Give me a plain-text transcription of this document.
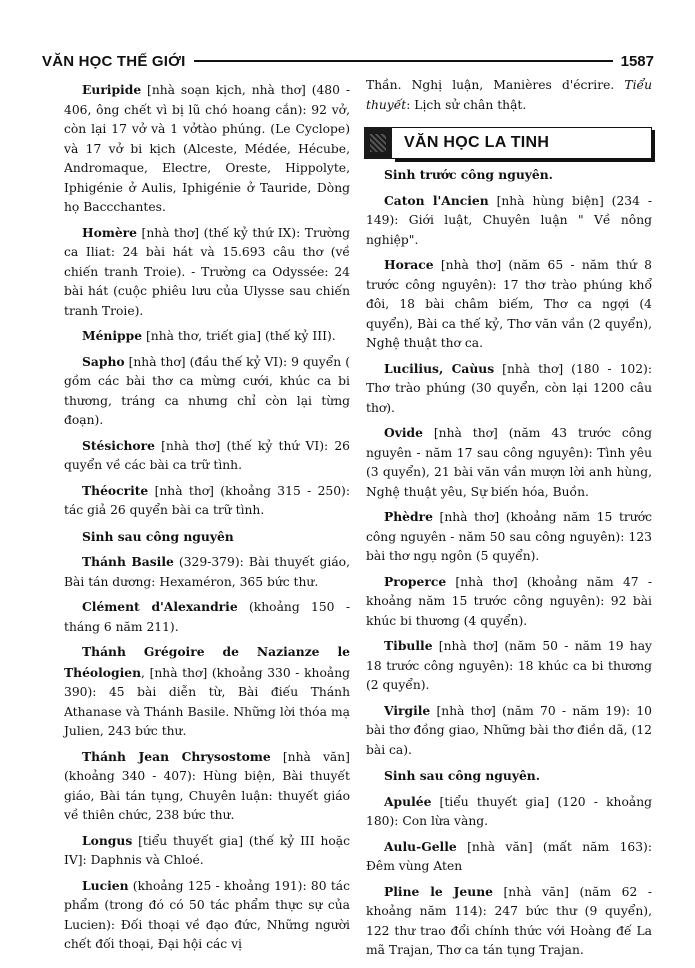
VĂN HỌC THẾ GIỚI	1587

Euripide [nhà soạn kịch, nhà thơ] (480 - 406, ông chết vì bị lũ chó hoang cắn): 92 vở, còn lại 17 vở và 1 vởtào phúng. (Le Cyclope) và 17 vở bi kịch (Alceste, Médée, Hécube, Andromaque, Electre, Oreste, Hippolyte, Iphigénie ở Aulis, Iphigénie ở Tauride, Dòng họ Baccchantes.

Homère [nhà thơ] (thế kỷ thứ IX): Trường ca Iliat: 24 bài hát và 15.693 câu thơ (về chiến tranh Troie). - Trường ca Odyssée: 24 bài hát (cuộc phiêu lưu của Ulysse sau chiến tranh Troie).

Ménippe [nhà thơ, triết gia] (thế kỷ III).

Sapho [nhà thơ] (đầu thế kỷ VI): 9 quyển ( gồm các bài thơ ca mừng cưới, khúc ca bi thương, tráng ca nhưng chỉ còn lại từng đoạn).

Stésichore [nhà thơ] (thế kỷ thứ VI): 26 quyển về các bài ca trữ tình.

Théocrite [nhà thơ] (khoảng 315 - 250): tác giả 26 quyển bài ca trữ tình.

Sinh sau công nguyên

Thánh Basile (329-379): Bài thuyết giáo, Bài tán dương: Hexaméron, 365 bức thư.

Clément d'Alexandrie (khoảng 150 - tháng 6 năm 211).

Thánh Grégoire de Nazianze le Théologien, [nhà thơ] (khoảng 330 - khoảng 390): 45 bài diễn từ, Bài điếu Thánh Athanase và Thánh Basile. Những lời thóa mạ Julien, 243 bức thư.

Thánh Jean Chrysostome [nhà văn] (khoảng 340 - 407): Hùng biện, Bài thuyết giáo, Bài tán tụng, Chuyên luận: thuyết giáo về thiên chức, 238 bức thư.

Longus [tiểu thuyết gia] (thế kỷ III hoặc IV]: Daphnis và Chloé.

Lucien (khoảng 125 - khoảng 191): 80 tác phẩm (trong đó có 50 tác phẩm thực sự của Lucien): Đối thoại về đạo đức, Những người chết đối thoại, Đại hội các vị

Thần. Nghị luận, Manières d'écrire. Tiểu thuyết: Lịch sử chân thật.

VĂN HỌC LA TINH

Sinh trước công nguyên.

Caton l'Ancien [nhà hùng biện] (234 - 149): Giới luật, Chuyên luận " Về nông nghiệp".

Horace [nhà thơ] (năm 65 - năm thứ 8 trước công nguyên): 17 thơ trào phúng khổ đôi, 18 bài châm biếm, Thơ ca ngợi (4 quyển), Bài ca thế kỷ, Thơ văn vần (2 quyển), Nghệ thuật thơ ca.

Lucilius, Caùus [nhà thơ] (180 - 102): Thơ trào phúng (30 quyển, còn lại 1200 câu thơ).

Ovide [nhà thơ] (năm 43 trước công nguyên - năm 17 sau công nguyên): Tình yêu (3 quyển), 21 bài văn vần mượn lời anh hùng, Nghệ thuật yêu, Sự biến hóa, Buồn.

Phèdre [nhà thơ] (khoảng năm 15 trước công nguyên - năm 50 sau công nguyên): 123 bài thơ ngụ ngôn (5 quyển).

Properce [nhà thơ] (khoảng năm 47 - khoảng năm 15 trước công nguyên): 92 bài khúc bi thương (4 quyển).

Tibulle [nhà thơ] (năm 50 - năm 19 hay 18 trước công nguyên): 18 khúc ca bi thương (2 quyển).

Virgile [nhà thơ] (năm 70 - năm 19): 10 bài thơ đồng giao, Những bài thơ điền dã, (12 bài ca).

Sinh sau công nguyên.

Apulée [tiểu thuyết gia] (120 - khoảng 180): Con lừa vàng.

Aulu-Gelle [nhà văn] (mất năm 163): Đêm vùng Aten

Pline le Jeune [nhà văn] (năm 62 - khoảng năm 114): 247 bức thư (9 quyển), 122 thư trao đổi chính thức với Hoàng đế La mã Trajan, Thơ ca tán tụng Trajan.
